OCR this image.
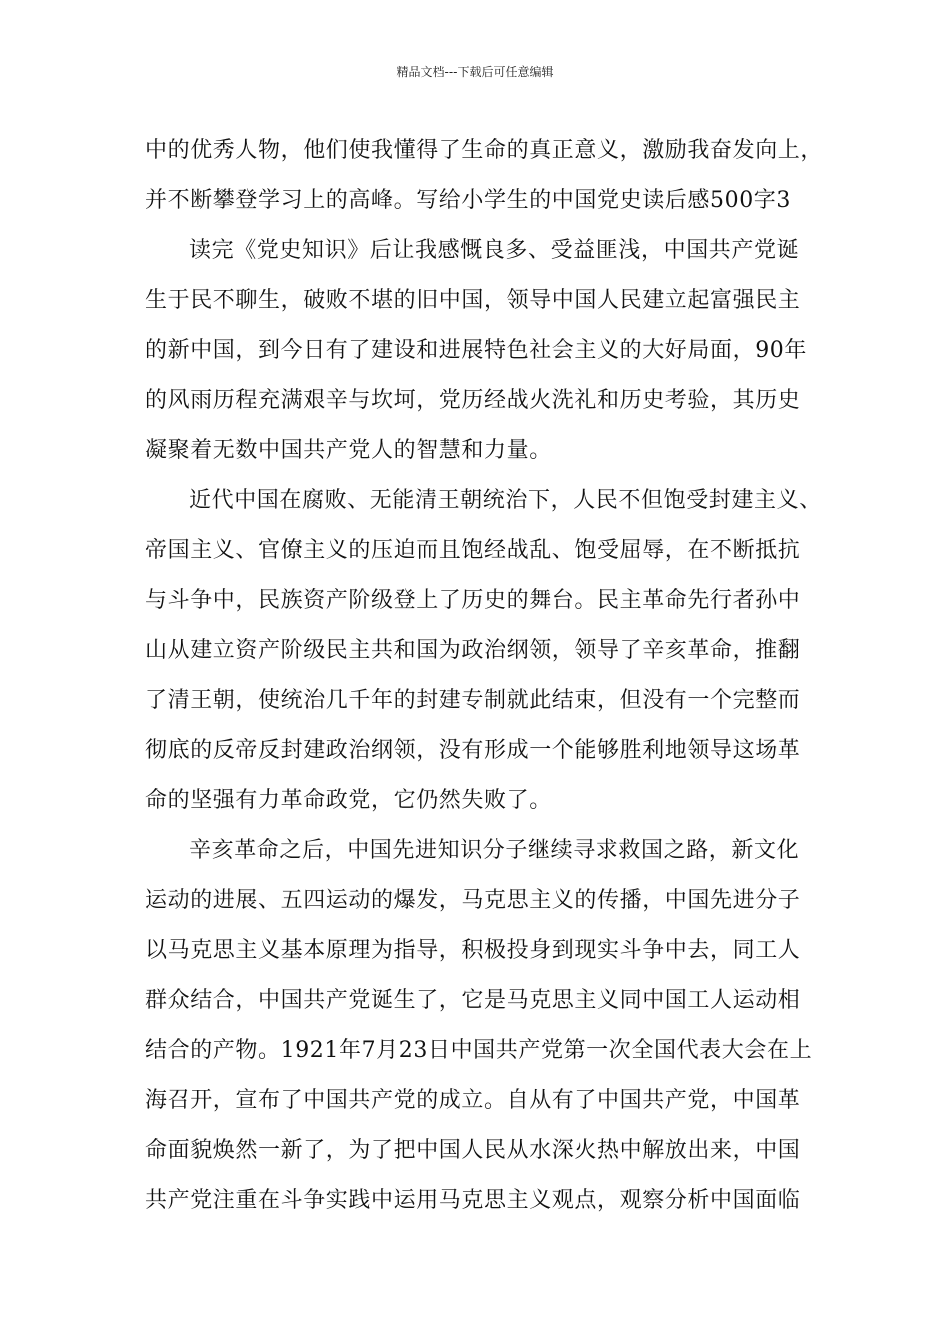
精品文档---下载后可任意编辑
中的优秀人物，他们使我懂得了生命的真正意义，激励我奋发向上，
并不断攀登学习上的高峰。写给小学生的中国党史读后感500字3
读完《党史知识》后让我感慨良多、受益匪浅，中国共产党诞
生于民不聊生，破败不堪的旧中国，领导中国人民建立起富强民主
的新中国，到今日有了建设和进展特色社会主义的大好局面，90年
的风雨历程充满艰辛与坎坷，党历经战火洗礼和历史考验，其历史
凝聚着无数中国共产党人的智慧和力量。
近代中国在腐败、无能清王朝统治下，人民不但饱受封建主义、
帝国主义、官僚主义的压迫而且饱经战乱、饱受屈辱，在不断抵抗
与斗争中，民族资产阶级登上了历史的舞台。民主革命先行者孙中
山从建立资产阶级民主共和国为政治纲领，领导了辛亥革命，推翻
了清王朝，使统治几千年的封建专制就此结束，但没有一个完整而
彻底的反帝反封建政治纲领，没有形成一个能够胜利地领导这场革
命的坚强有力革命政党，它仍然失败了。
辛亥革命之后，中国先进知识分子继续寻求救国之路，新文化
运动的进展、五四运动的爆发，马克思主义的传播，中国先进分子
以马克思主义基本原理为指导，积极投身到现实斗争中去，同工人
群众结合，中国共产党诞生了，它是马克思主义同中国工人运动相
结合的产物。1921年7月23日中国共产党第一次全国代表大会在上
海召开，宣布了中国共产党的成立。自从有了中国共产党，中国革
命面貌焕然一新了，为了把中国人民从水深火热中解放出来，中国
共产党注重在斗争实践中运用马克思主义观点，观察分析中国面临
